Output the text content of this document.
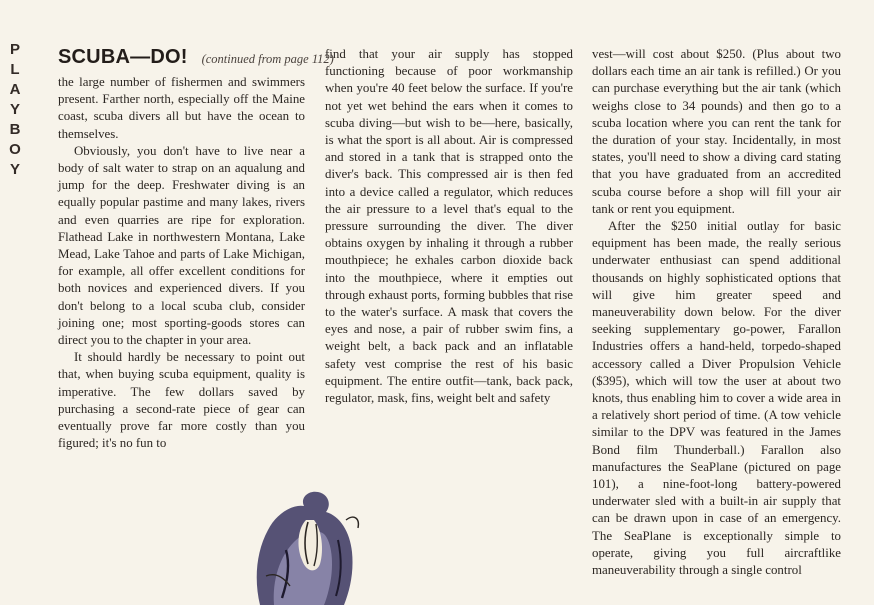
P
L
A
Y
B
O
Y
SCUBA—DO! (continued from page 112)

the large number of fishermen and swimmers present. Farther north, especially off the Maine coast, scuba divers all but have the ocean to themselves.

Obviously, you don't have to live near a body of salt water to strap on an aqualung and jump for the deep. Freshwater diving is an equally popular pastime and many lakes, rivers and even quarries are ripe for exploration. Flathead Lake in northwestern Montana, Lake Mead, Lake Tahoe and parts of Lake Michigan, for example, all offer excellent conditions for both novices and experienced divers. If you don't belong to a local scuba club, consider joining one; most sporting-goods stores can direct you to the chapter in your area.

It should hardly be necessary to point out that, when buying scuba equipment, quality is imperative. The few dollars saved by purchasing a second-rate piece of gear can eventually prove far more costly than you figured; it's no fun to

find that your air supply has stopped functioning because of poor workmanship when you're 40 feet below the surface. If you're not yet wet behind the ears when it comes to scuba diving—but wish to be—here, basically, is what the sport is all about. Air is compressed and stored in a tank that is strapped onto the diver's back. This compressed air is then fed into a device called a regulator, which reduces the air pressure to a level that's equal to the pressure surrounding the diver. The diver obtains oxygen by inhaling it through a rubber mouthpiece; he exhales carbon dioxide back into the mouthpiece, where it empties out through exhaust ports, forming bubbles that rise to the water's surface. A mask that covers the eyes and nose, a pair of rubber swim fins, a weight belt, a back pack and an inflatable safety vest comprise the rest of his basic equipment. The entire outfit—tank, back pack, regulator, mask, fins, weight belt and safety

vest—will cost about $250. (Plus about two dollars each time an air tank is refilled.) Or you can purchase everything but the air tank (which weighs close to 34 pounds) and then go to a scuba location where you can rent the tank for the duration of your stay. Incidentally, in most states, you'll need to show a diving card stating that you have graduated from an accredited scuba course before a shop will fill your air tank or rent you equipment.

After the $250 initial outlay for basic equipment has been made, the really serious underwater enthusiast can spend additional thousands on highly sophisticated options that will give him greater speed and maneuverability down below. For the diver seeking supplementary go-power, Farallon Industries offers a hand-held, torpedo-shaped accessory called a Diver Propulsion Vehicle ($395), which will tow the user at about two knots, thus enabling him to cover a wide area in a relatively short period of time. (A tow vehicle similar to the DPV was featured in the James Bond film Thunderball.) Farallon also manufactures the SeaPlane (pictured on page 101), a nine-foot-long battery-powered underwater sled with a built-in air supply that can be drawn upon in case of an emergency. The SeaPlane is exceptionally simple to operate, giving you full aircraftlike maneuverability through a single control
